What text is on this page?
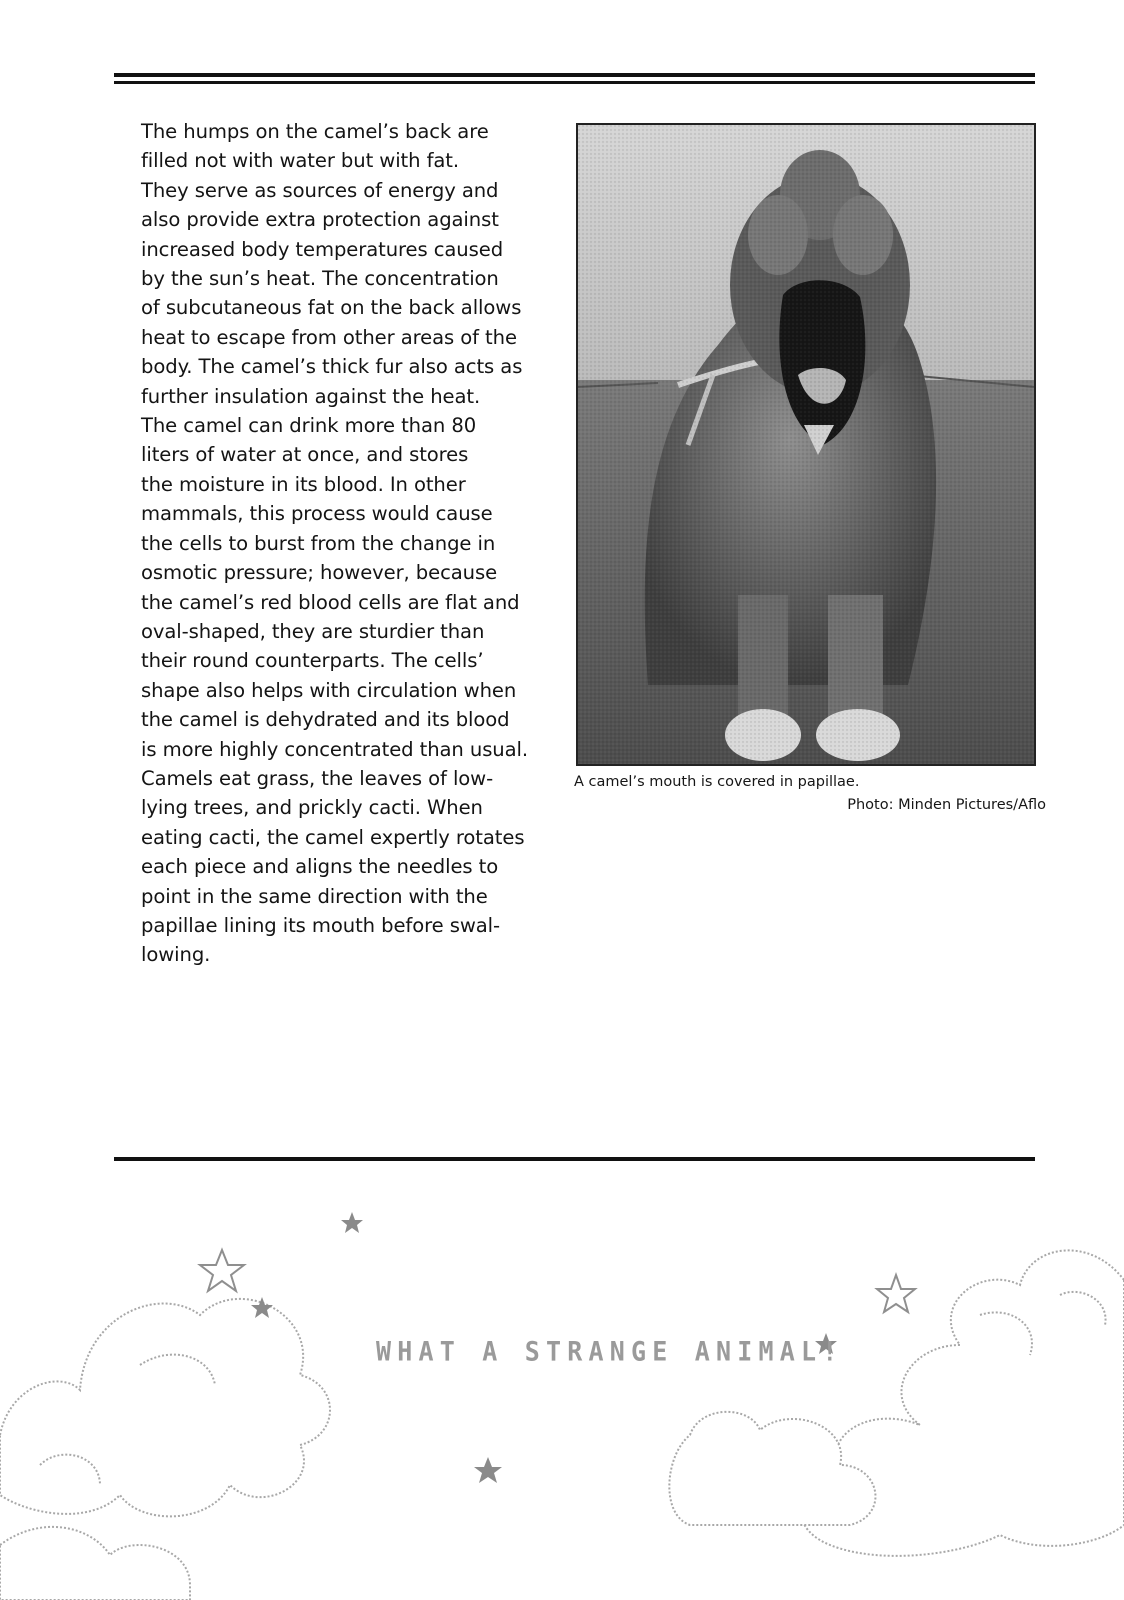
The humps on the camel’s back are
filled not with water but with fat.
They serve as sources of energy and
also provide extra protection against
increased body temperatures caused
by the sun’s heat. The concentration
of subcutaneous fat on the back allows
heat to escape from other areas of the
body. The camel’s thick fur also acts as
further insulation against the heat.
The camel can drink more than 80
liters of water at once, and stores
the moisture in its blood. In other
mammals, this process would cause
the cells to burst from the change in
osmotic pressure; however, because
the camel’s red blood cells are flat and
oval-shaped, they are sturdier than
their round counterparts. The cells’
shape also helps with circulation when
the camel is dehydrated and its blood
is more highly concentrated than usual.
Camels eat grass, the leaves of low-
lying trees, and prickly cacti. When
eating cacti, the camel expertly rotates
each piece and aligns the needles to
point in the same direction with the
papillae lining its mouth before swal-
lowing.
A camel’s mouth is covered in papillae.
Photo: Minden Pictures/Aflo
WHAT A STRANGE ANIMAL!
